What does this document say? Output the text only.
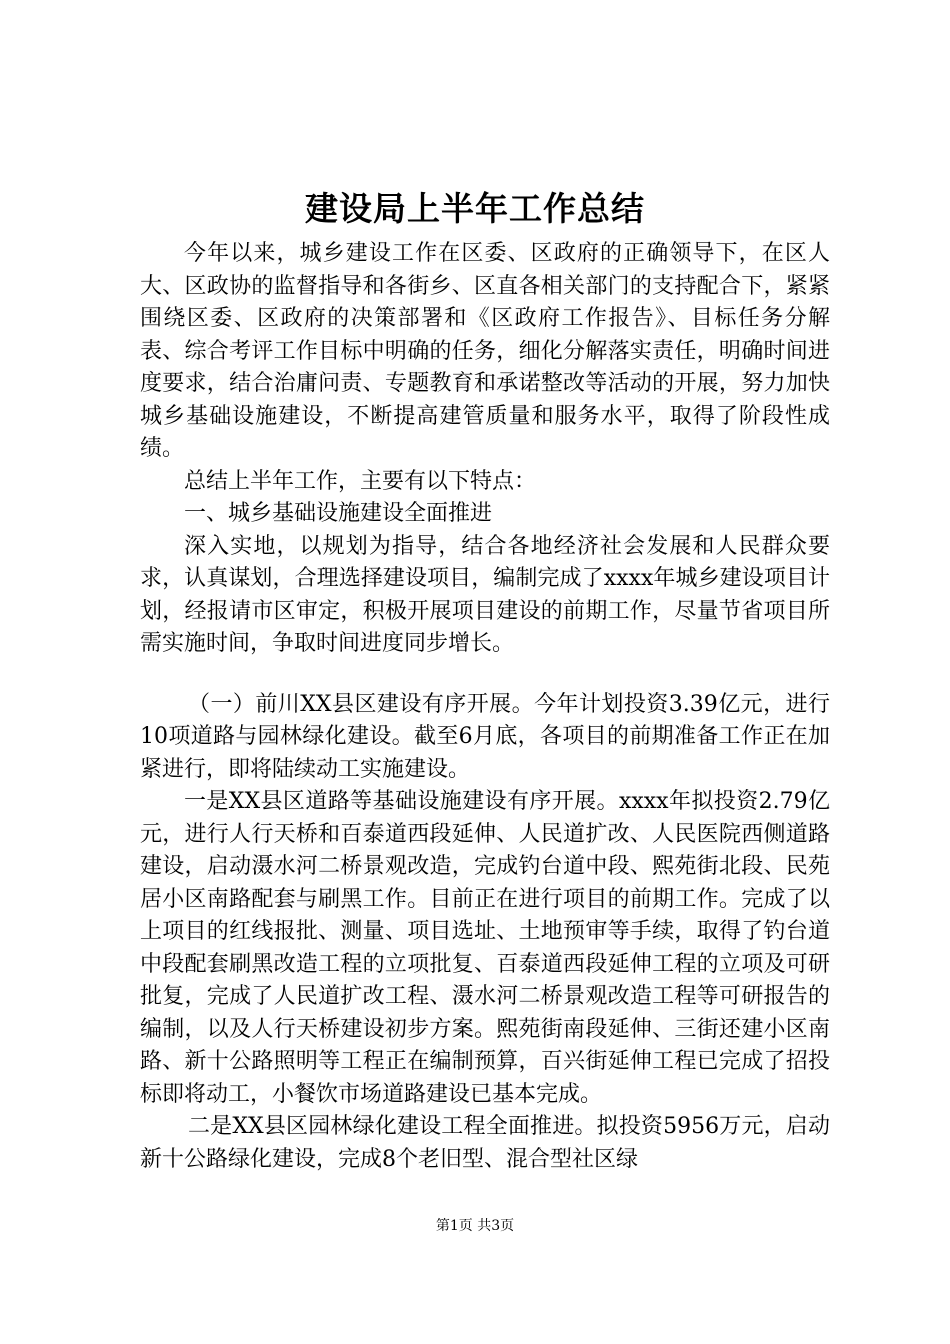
建设局上半年工作总结

今年以来，城乡建设工作在区委、区政府的正确领导下，在区人大、区政协的监督指导和各街乡、区直各相关部门的支持配合下，紧紧围绕区委、区政府的决策部署和《区政府工作报告》、目标任务分解表、综合考评工作目标中明确的任务，细化分解落实责任，明确时间进度要求，结合治庸问责、专题教育和承诺整改等活动的开展，努力加快城乡基础设施建设，不断提高建管质量和服务水平，取得了阶段性成绩。

总结上半年工作，主要有以下特点：

一、城乡基础设施建设全面推进

深入实地，以规划为指导，结合各地经济社会发展和人民群众要求，认真谋划，合理选择建设项目，编制完成了xxxx年城乡建设项目计划，经报请市区审定，积极开展项目建设的前期工作，尽量节省项目所需实施时间，争取时间进度同步增长。

（一）前川XX县区建设有序开展。今年计划投资3.39亿元，进行10项道路与园林绿化建设。截至6月底，各项目的前期准备工作正在加紧进行，即将陆续动工实施建设。

一是XX县区道路等基础设施建设有序开展。xxxx年拟投资2.79亿元，进行人行天桥和百泰道西段延伸、人民道扩改、人民医院西侧道路建设，启动滠水河二桥景观改造，完成钓台道中段、熙苑街北段、民苑居小区南路配套与刷黑工作。目前正在进行项目的前期工作。完成了以上项目的红线报批、测量、项目选址、土地预审等手续，取得了钓台道中段配套刷黑改造工程的立项批复、百泰道西段延伸工程的立项及可研批复，完成了人民道扩改工程、滠水河二桥景观改造工程等可研报告的编制，以及人行天桥建设初步方案。熙苑街南段延伸、三街还建小区南路、新十公路照明等工程正在编制预算，百兴街延伸工程已完成了招投标即将动工，小餐饮市场道路建设已基本完成。

二是XX县区园林绿化建设工程全面推进。拟投资5956万元，启动新十公路绿化建设，完成8个老旧型、混合型社区绿

第1页 共3页
